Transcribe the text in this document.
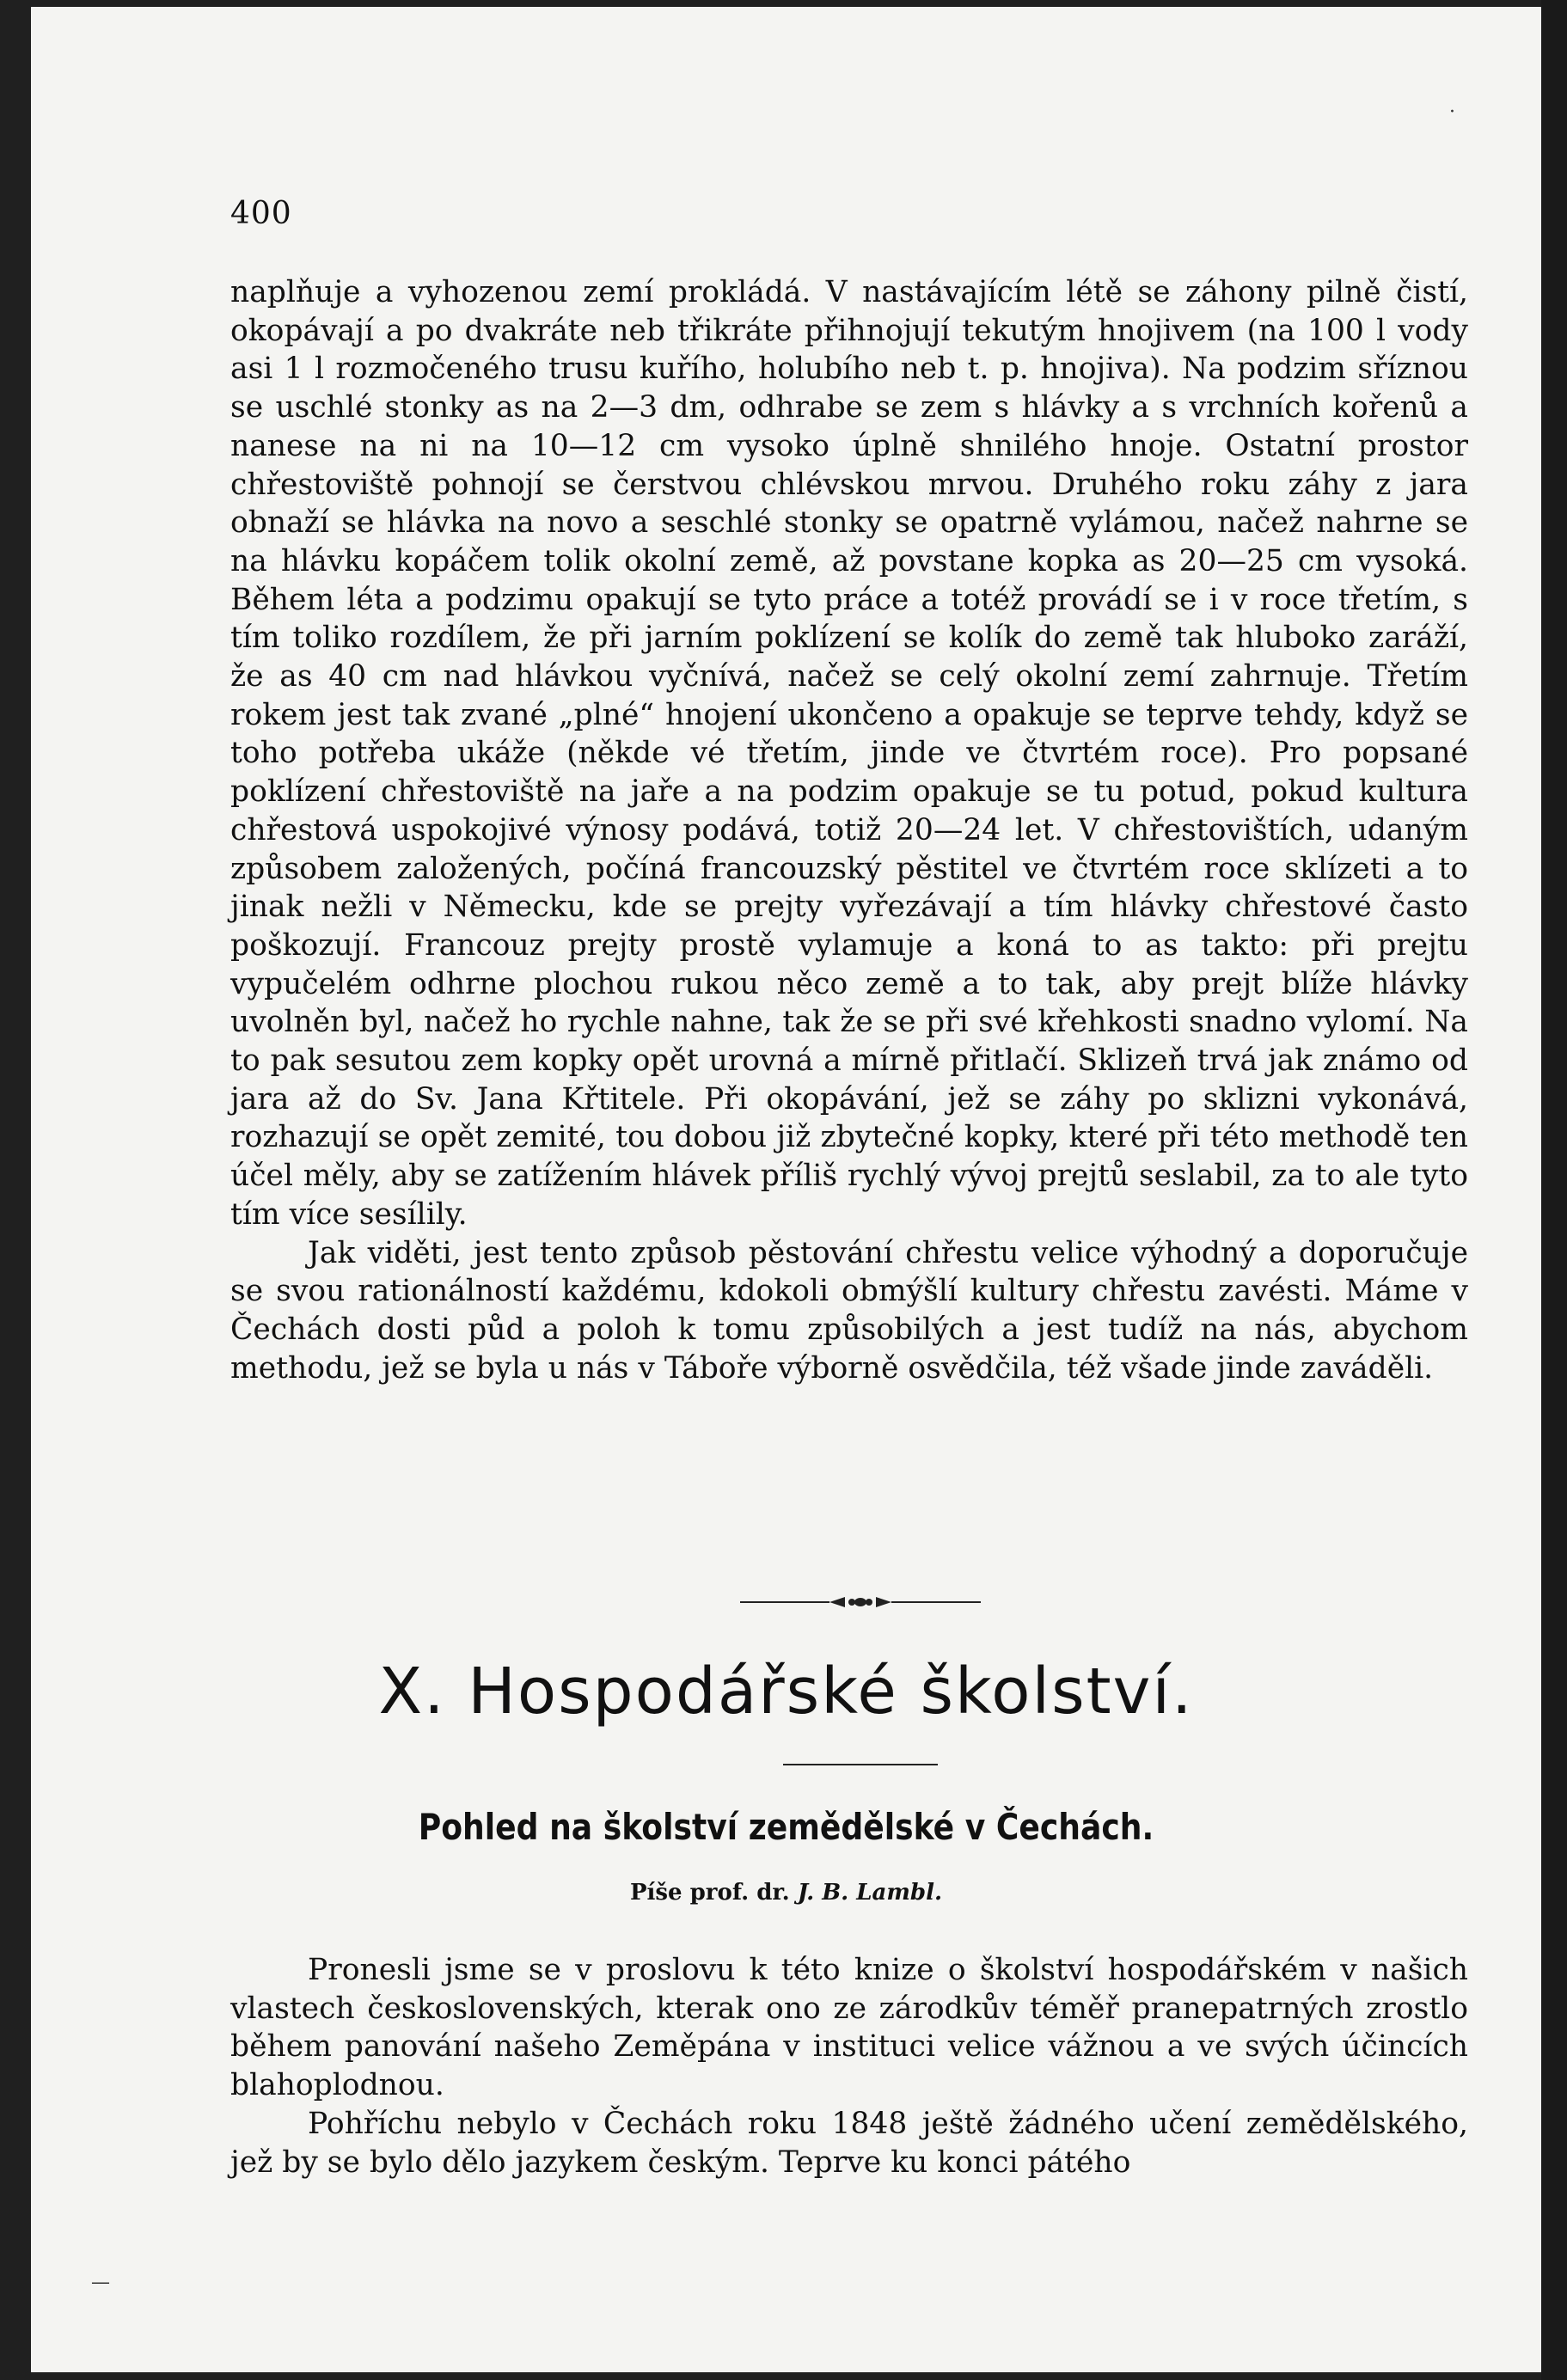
400

naplňuje a vyhozenou zemí prokládá. V nastávajícím létě se záhony pilně čistí, okopávají a po dvakráte neb třikráte přihnojují tekutým hnojivem (na 100 l vody asi 1 l rozmočeného trusu kuřího, holubího neb t. p. hnojiva). Na podzim sříznou se uschlé stonky as na 2—3 dm, odhrabe se zem s hlávky a s vrchních kořenů a nanese na ni na 10—12 cm vysoko úplně shnilého hnoje. Ostatní prostor chřestoviště pohnojí se čerstvou chlévskou mrvou. Druhého roku záhy z jara obnaží se hlávka na novo a seschlé stonky se opatrně vylámou, načež nahrne se na hlávku kopáčem tolik okolní země, až povstane kopka as 20—25 cm vysoká. Během léta a podzimu opakují se tyto práce a totéž provádí se i v roce třetím, s tím toliko rozdílem, že při jarním poklízení se kolík do země tak hluboko zaráží, že as 40 cm nad hlávkou vyčnívá, načež se celý okolní zemí zahrnuje. Třetím rokem jest tak zvané „plné“ hnojení ukončeno a opakuje se teprve tehdy, když se toho potřeba ukáže (někde vé třetím, jinde ve čtvrtém roce). Pro popsané poklízení chřestoviště na jaře a na podzim opakuje se tu potud, pokud kultura chřestová uspokojivé výnosy podává, totiž 20—24 let. V chřestovištích, udaným způsobem založených, počíná francouzský pěstitel ve čtvrtém roce sklízeti a to jinak nežli v Německu, kde se prejty vyřezávají a tím hlávky chřestové často poškozují. Francouz prejty prostě vylamuje a koná to as takto: při prejtu vypučelém odhrne plochou rukou něco země a to tak, aby prejt blíže hlávky uvolněn byl, načež ho rychle nahne, tak že se při své křehkosti snadno vylomí. Na to pak sesutou zem kopky opět urovná a mírně přitlačí. Sklizeň trvá jak známo od jara až do Sv. Jana Křtitele. Při okopávání, jež se záhy po sklizni vykonává, rozhazují se opět zemité, tou dobou již zbytečné kopky, které při této methodě ten účel měly, aby se zatížením hlávek příliš rychlý vývoj prejtů seslabil, za to ale tyto tím více sesílily.

Jak viděti, jest tento způsob pěstování chřestu velice výhodný a doporučuje se svou rationálností každému, kdokoli obmýšlí kultury chřestu zavésti. Máme v Čechách dosti půd a poloh k tomu způsobilých a jest tudíž na nás, abychom methodu, jež se byla u nás v Táboře výborně osvědčila, též všade jinde zaváděli.

X. Hospodářské školství.
Pohled na školství zemědělské v Čechách.
Píše prof. dr. J. B. Lambl.

Pronesli jsme se v proslovu k této knize o školství hospodářském v našich vlastech československých, kterak ono ze zárodkův téměř pranepatrných zrostlo během panování našeho Zeměpána v instituci velice vážnou a ve svých účincích blahoplodnou.

Pohříchu nebylo v Čechách roku 1848 ještě žádného učení zemědělského, jež by se bylo dělo jazykem českým. Teprve ku konci pátého

·
—
